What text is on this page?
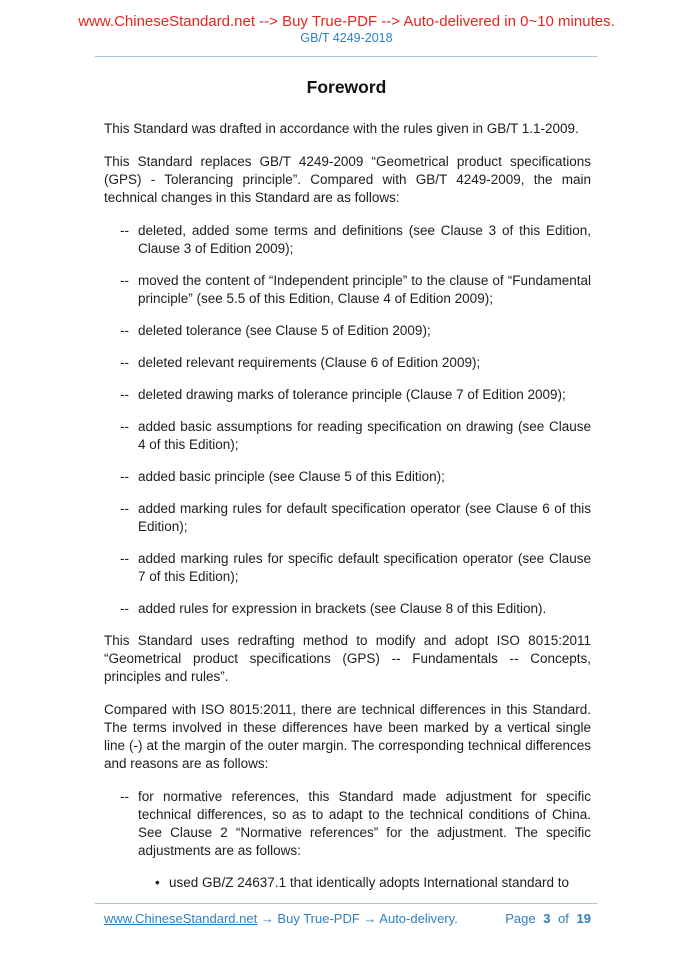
www.ChineseStandard.net --> Buy True-PDF --> Auto-delivered in 0~10 minutes.
GB/T 4249-2018
Foreword
This Standard was drafted in accordance with the rules given in GB/T 1.1-2009.
This Standard replaces GB/T 4249-2009 “Geometrical product specifications (GPS) - Tolerancing principle”. Compared with GB/T 4249-2009, the main technical changes in this Standard are as follows:
-- deleted, added some terms and definitions (see Clause 3 of this Edition, Clause 3 of Edition 2009);
-- moved the content of “Independent principle” to the clause of “Fundamental principle” (see 5.5 of this Edition, Clause 4 of Edition 2009);
-- deleted tolerance (see Clause 5 of Edition 2009);
-- deleted relevant requirements (Clause 6 of Edition 2009);
-- deleted drawing marks of tolerance principle (Clause 7 of Edition 2009);
-- added basic assumptions for reading specification on drawing (see Clause 4 of this Edition);
-- added basic principle (see Clause 5 of this Edition);
-- added marking rules for default specification operator (see Clause 6 of this Edition);
-- added marking rules for specific default specification operator (see Clause 7 of this Edition);
-- added rules for expression in brackets (see Clause 8 of this Edition).
This Standard uses redrafting method to modify and adopt ISO 8015:2011 “Geometrical product specifications (GPS) -- Fundamentals -- Concepts, principles and rules”.
Compared with ISO 8015:2011, there are technical differences in this Standard. The terms involved in these differences have been marked by a vertical single line (-) at the margin of the outer margin. The corresponding technical differences and reasons are as follows:
-- for normative references, this Standard made adjustment for specific technical differences, so as to adapt to the technical conditions of China. See Clause 2 “Normative references” for the adjustment. The specific adjustments are as follows:
• used GB/Z 24637.1 that identically adopts International standard to
www.ChineseStandard.net → Buy True-PDF → Auto-delivery.	Page 3 of 19
